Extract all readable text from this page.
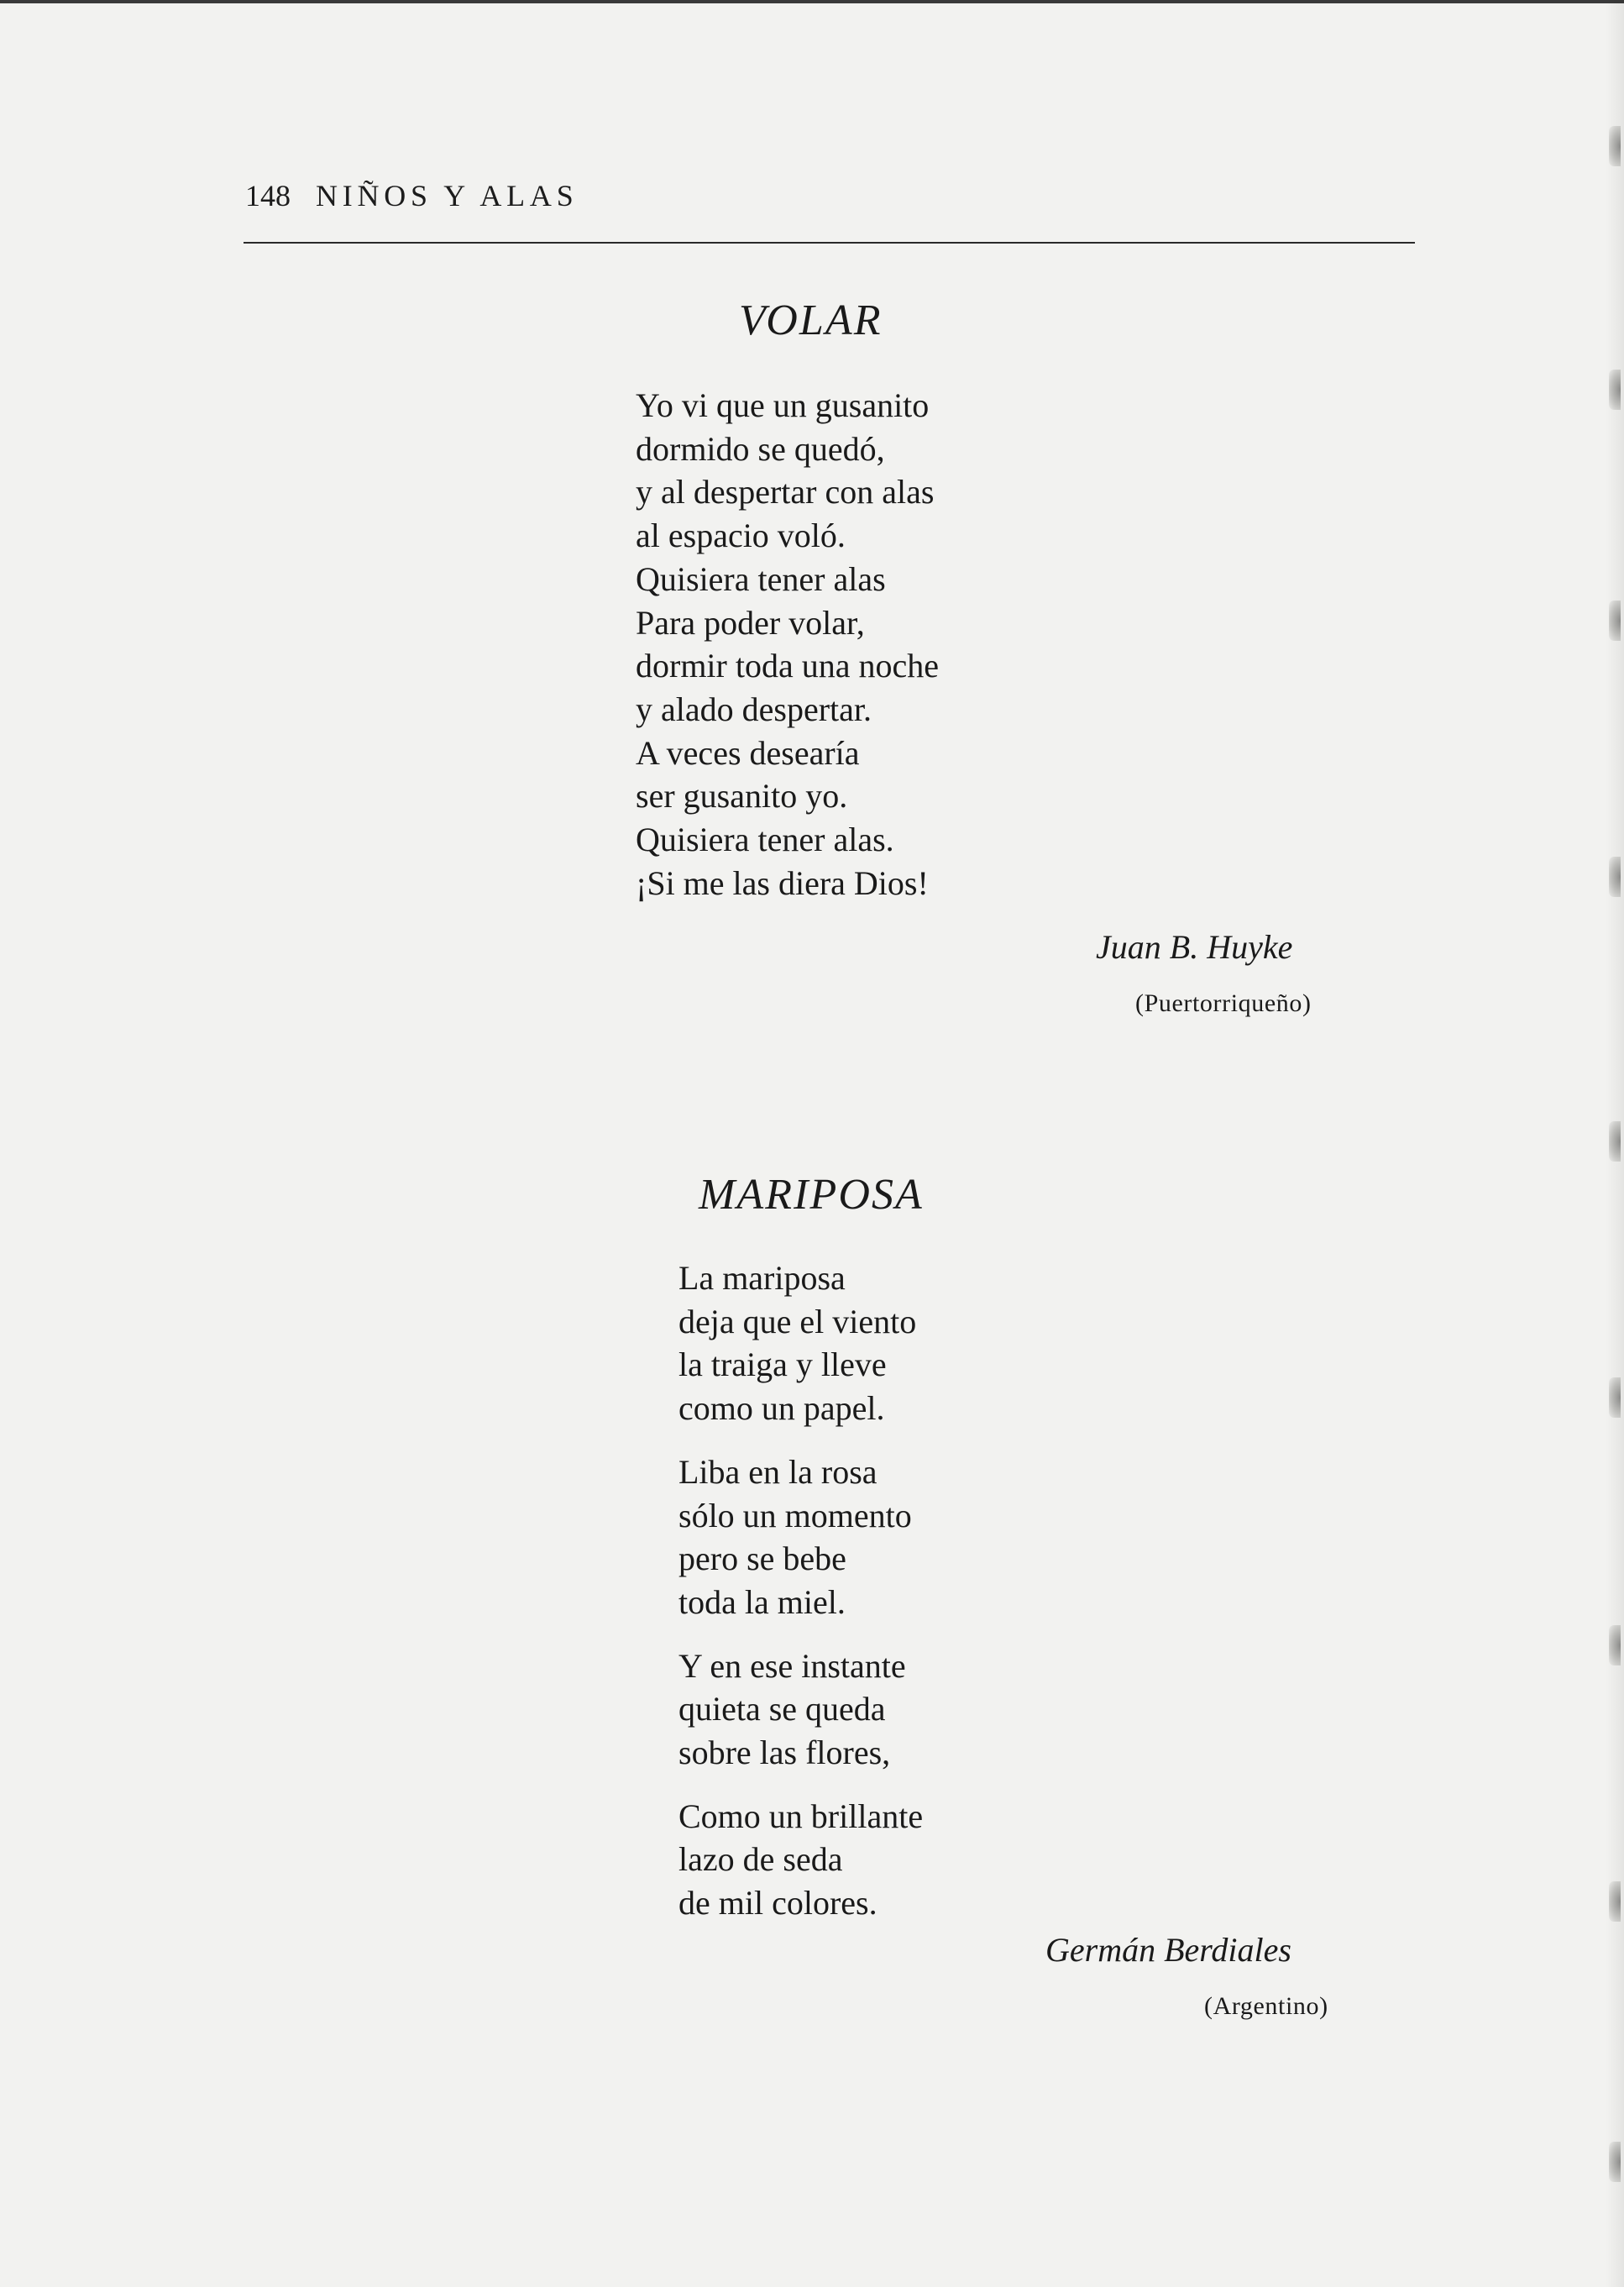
148 NIÑOS Y ALAS
VOLAR
Yo vi que un gusanito
dormido se quedó,
y al despertar con alas
al espacio voló.
Quisiera tener alas
Para poder volar,
dormir toda una noche
y alado despertar.
A veces desearía
ser gusanito yo.
Quisiera tener alas.
¡Si me las diera Dios!
Juan B. Huyke
(Puertorriqueño)
MARIPOSA
La mariposa
deja que el viento
la traiga y lleve
como un papel.
Liba en la rosa
sólo un momento
pero se bebe
toda la miel.
Y en ese instante
quieta se queda
sobre las flores,
Como un brillante
lazo de seda
de mil colores.
Germán Berdiales
(Argentino)
